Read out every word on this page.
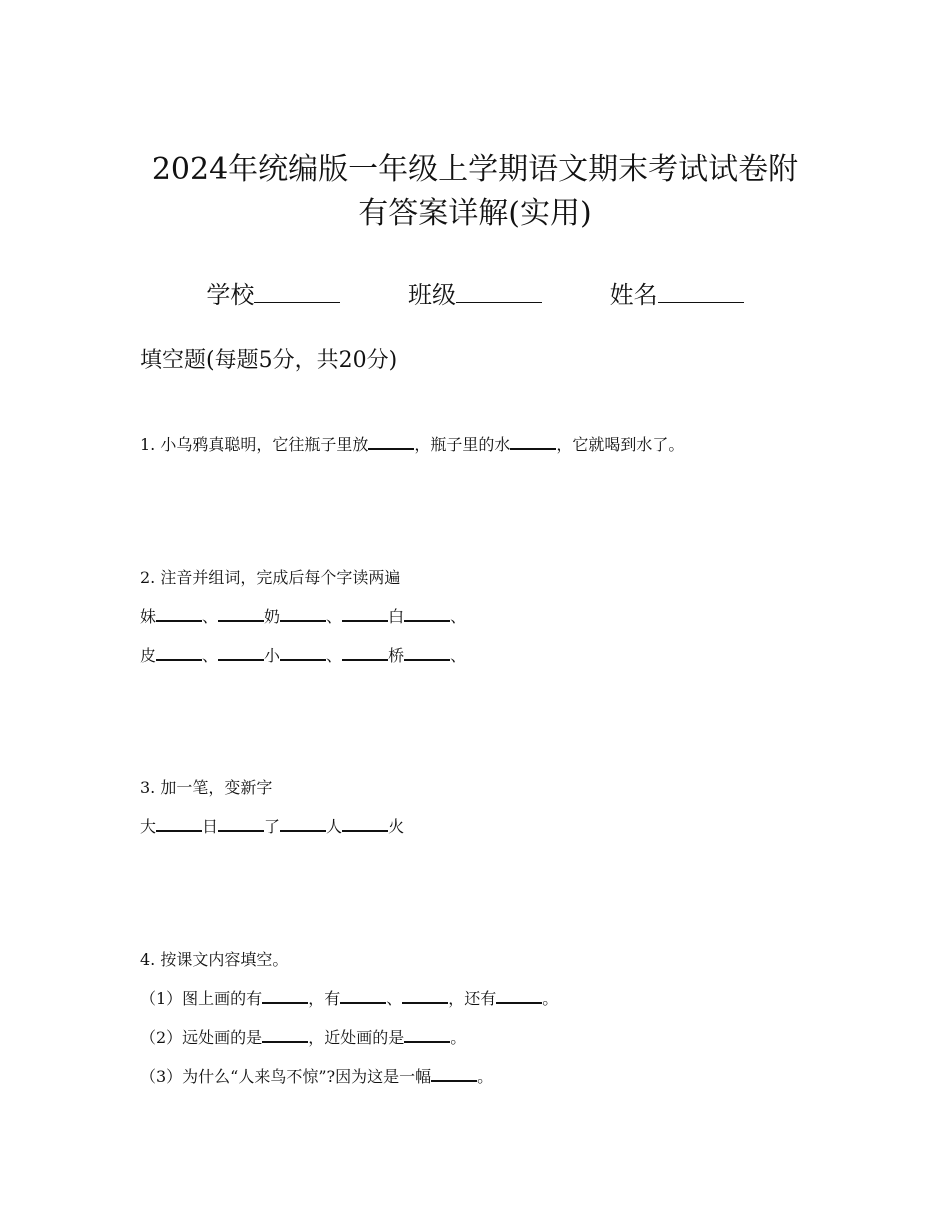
2024年统编版一年级上学期语文期末考试试卷附
有答案详解(实用)
学校	班级	姓名
填空题(每题5分，共20分)
1. 小乌鸦真聪明，它往瓶子里放	，瓶子里的水	，它就喝到水了。
2. 注音并组词，完成后每个字读两遍
妹	、	奶	、	白	、
皮	、	小	、	桥	、
3. 加一笔，变新字
大	日	了	人	火
4. 按课文内容填空。
（1）图上画的有	，有	、	，还有	。
（2）远处画的是	，近处画的是	。
（3）为什么“人来鸟不惊”?因为这是一幅	。
